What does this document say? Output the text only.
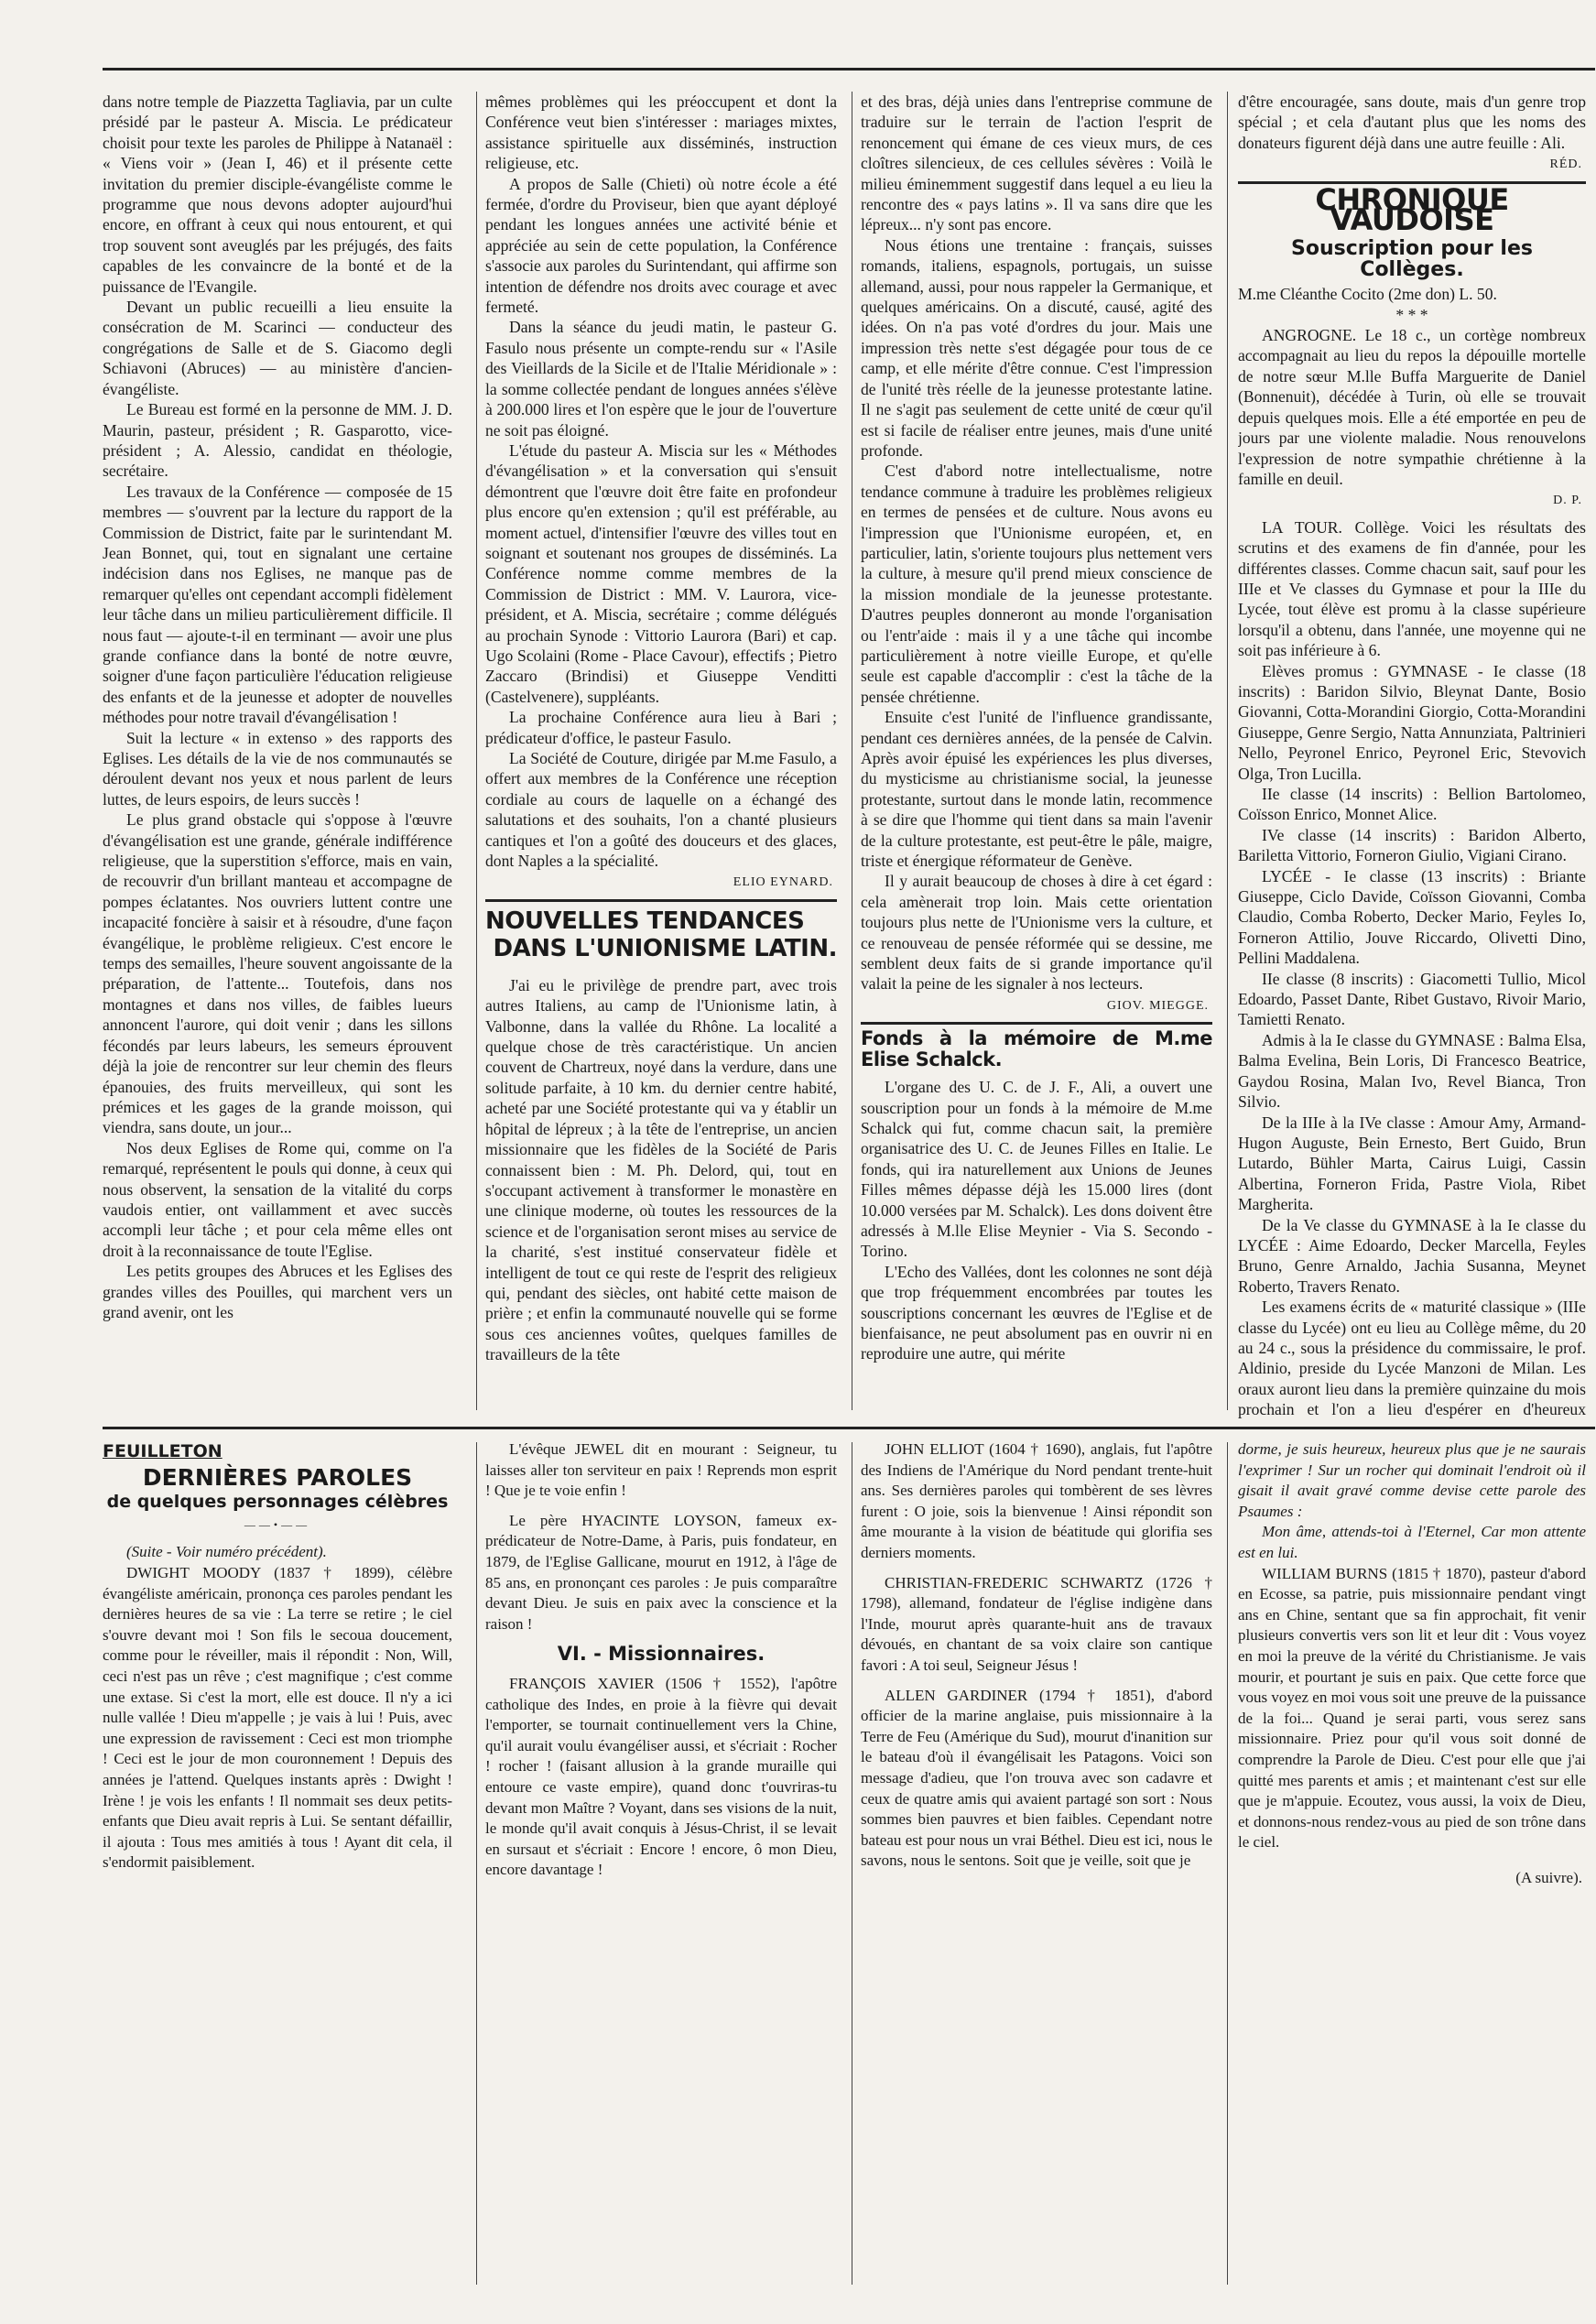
dans notre temple de Piazzetta Tagliavia, par un culte présidé par le pasteur A. Miscia. Le prédicateur choisit pour texte les paroles de Philippe à Natanaël : « Viens voir » (Jean I, 46) et il présente cette invitation du premier disciple-évangéliste comme le programme que nous devons adopter aujourd'hui encore, en offrant à ceux qui nous entourent, et qui trop souvent sont aveuglés par les préjugés, des faits capables de les convaincre de la bonté et de la puissance de l'Evangile.

Devant un public recueilli a lieu ensuite la consécration de M. Scarinci — conducteur des congrégations de Salle et de S. Giacomo degli Schiavoni (Abruces) — au ministère d'ancien-évangéliste.

Le Bureau est formé en la personne de MM. J. D. Maurin, pasteur, président ; R. Gasparotto, vice-président ; A. Alessio, candidat en théologie, secrétaire.

Les travaux de la Conférence — composée de 15 membres — s'ouvrent par la lecture du rapport de la Commission de District, faite par le surintendant M. Jean Bonnet, qui, tout en signalant une certaine indécision dans nos Eglises, ne manque pas de remarquer qu'elles ont cependant accompli fidèlement leur tâche dans un milieu particulièrement difficile. Il nous faut — ajoute-t-il en terminant — avoir une plus grande confiance dans la bonté de notre œuvre, soigner d'une façon particulière l'éducation religieuse des enfants et de la jeunesse et adopter de nouvelles méthodes pour notre travail d'évangélisation !

Suit la lecture « in extenso » des rapports des Eglises. Les détails de la vie de nos communautés se déroulent devant nos yeux et nous parlent de leurs luttes, de leurs espoirs, de leurs succès !

Le plus grand obstacle qui s'oppose à l'œuvre d'évangélisation est une grande, générale indifférence religieuse, que la superstition s'efforce, mais en vain, de recouvrir d'un brillant manteau et accompagne de pompes éclatantes. Nos ouvriers luttent contre une incapacité foncière à saisir et à résoudre, d'une façon évangélique, le problème religieux. C'est encore le temps des semailles, l'heure souvent angoissante de la préparation, de l'attente... Toutefois, dans nos montagnes et dans nos villes, de faibles lueurs annoncent l'aurore, qui doit venir ; dans les sillons fécondés par leurs labeurs, les semeurs éprouvent déjà la joie de rencontrer sur leur chemin des fleurs épanouies, des fruits merveilleux, qui sont les prémices et les gages de la grande moisson, qui viendra, sans doute, un jour...

Nos deux Eglises de Rome qui, comme on l'a remarqué, représentent le pouls qui donne, à ceux qui nous observent, la sensation de la vitalité du corps vaudois entier, ont vaillamment et avec succès accompli leur tâche ; et pour cela même elles ont droit à la reconnaissance de toute l'Eglise.

Les petits groupes des Abruces et les Eglises des grandes villes des Pouilles, qui marchent vers un grand avenir, ont les

mêmes problèmes qui les préoccupent et dont la Conférence veut bien s'intéresser : mariages mixtes, assistance spirituelle aux disséminés, instruction religieuse, etc.

A propos de Salle (Chieti) où notre école a été fermée, d'ordre du Proviseur, bien que ayant déployé pendant les longues années une activité bénie et appréciée au sein de cette population, la Conférence s'associe aux paroles du Surintendant, qui affirme son intention de défendre nos droits avec courage et avec fermeté.

Dans la séance du jeudi matin, le pasteur G. Fasulo nous présente un compte-rendu sur « l'Asile des Vieillards de la Sicile et de l'Italie Méridionale » : la somme collectée pendant de longues années s'élève à 200.000 lires et l'on espère que le jour de l'ouverture ne soit pas éloigné.

L'étude du pasteur A. Miscia sur les « Méthodes d'évangélisation » et la conversation qui s'ensuit démontrent que l'œuvre doit être faite en profondeur plus encore qu'en extension ; qu'il est préférable, au moment actuel, d'intensifier l'œuvre des villes tout en soignant et soutenant nos groupes de disséminés. La Conférence nomme comme membres de la Commission de District : MM. V. Laurora, vice-président, et A. Miscia, secrétaire ; comme délégués au prochain Synode : Vittorio Laurora (Bari) et cap. Ugo Scolaini (Rome - Place Cavour), effectifs ; Pietro Zaccaro (Brindisi) et Giuseppe Venditti (Castelvenere), suppléants.

La prochaine Conférence aura lieu à Bari ; prédicateur d'office, le pasteur Fasulo.

La Société de Couture, dirigée par M.me Fasulo, a offert aux membres de la Conférence une réception cordiale au cours de laquelle on a échangé des salutations et des souhaits, l'on a chanté plusieurs cantiques et l'on a goûté des douceurs et des glaces, dont Naples a la spécialité.

ELIO EYNARD.
NOUVELLES TENDANCES
DANS L'UNIONISME LATIN.

J'ai eu le privilège de prendre part, avec trois autres Italiens, au camp de l'Unionisme latin, à Valbonne, dans la vallée du Rhône. La localité a quelque chose de très caractéristique. Un ancien couvent de Chartreux, noyé dans la verdure, dans une solitude parfaite, à 10 km. du dernier centre habité, acheté par une Société protestante qui va y établir un hôpital de lépreux ; à la tête de l'entreprise, un ancien missionnaire que les fidèles de la Société de Paris connaissent bien : M. Ph. Delord, qui, tout en s'occupant activement à transformer le monastère en une clinique moderne, où toutes les ressources de la science et de l'organisation seront mises au service de la charité, s'est institué conservateur fidèle et intelligent de tout ce qui reste de l'esprit des religieux qui, pendant des siècles, ont habité cette maison de prière ; et enfin la communauté nouvelle qui se forme sous ces anciennes voûtes, quelques familles de travailleurs de la tête

et des bras, déjà unies dans l'entreprise commune de traduire sur le terrain de l'action l'esprit de renoncement qui émane de ces vieux murs, de ces cloîtres silencieux, de ces cellules sévères : Voilà le milieu éminemment suggestif dans lequel a eu lieu la rencontre des « pays latins ». Il va sans dire que les lépreux... n'y sont pas encore.

Nous étions une trentaine : français, suisses romands, italiens, espagnols, portugais, un suisse allemand, aussi, pour nous rappeler la Germanique, et quelques américains. On a discuté, causé, agité des idées. On n'a pas voté d'ordres du jour. Mais une impression très nette s'est dégagée pour tous de ce camp, et elle mérite d'être connue. C'est l'impression de l'unité très réelle de la jeunesse protestante latine. Il ne s'agit pas seulement de cette unité de cœur qu'il est si facile de réaliser entre jeunes, mais d'une unité profonde.

C'est d'abord notre intellectualisme, notre tendance commune à traduire les problèmes religieux en termes de pensées et de culture. Nous avons eu l'impression que l'Unionisme européen, et, en particulier, latin, s'oriente toujours plus nettement vers la culture, à mesure qu'il prend mieux conscience de la mission mondiale de la jeunesse protestante. D'autres peuples donneront au monde l'organisation ou l'entr'aide : mais il y a une tâche qui incombe particulièrement à notre vieille Europe, et qu'elle seule est capable d'accomplir : c'est la tâche de la pensée chrétienne.

Ensuite c'est l'unité de l'influence grandissante, pendant ces dernières années, de la pensée de Calvin. Après avoir épuisé les expériences les plus diverses, du mysticisme au christianisme social, la jeunesse protestante, surtout dans le monde latin, recommence à se dire que l'homme qui tient dans sa main l'avenir de la culture protestante, est peut-être le pâle, maigre, triste et énergique réformateur de Genève.

Il y aurait beaucoup de choses à dire à cet égard : cela amènerait trop loin. Mais cette orientation toujours plus nette de l'Unionisme vers la culture, et ce renouveau de pensée réformée qui se dessine, me semblent deux faits de si grande importance qu'il valait la peine de les signaler à nos lecteurs.

GIOV. MIEGGE.
Fonds à la mémoire de M.me Elise Schalck.

L'organe des U. C. de J. F., Ali, a ouvert une souscription pour un fonds à la mémoire de M.me Schalck qui fut, comme chacun sait, la première organisatrice des U. C. de Jeunes Filles en Italie. Le fonds, qui ira naturellement aux Unions de Jeunes Filles mêmes dépasse déjà les 15.000 lires (dont 10.000 versées par M. Schalck). Les dons doivent être adressés à M.lle Elise Meynier - Via S. Secondo - Torino.

L'Echo des Vallées, dont les colonnes ne sont déjà que trop fréquemment encombrées par toutes les souscriptions concernant les œuvres de l'Eglise et de bienfaisance, ne peut absolument pas en ouvrir ni en reproduire une autre, qui mérite

d'être encouragée, sans doute, mais d'un genre trop spécial ; et cela d'autant plus que les noms des donateurs figurent déjà dans une autre feuille : Ali.

RÉD.
CHRONIQUE VAUDOISE
Souscription pour les Collèges.

M.me Cléanthe Cocito (2me don) L. 50.

* * *

ANGROGNE. Le 18 c., un cortège nombreux accompagnait au lieu du repos la dépouille mortelle de notre sœur M.lle Buffa Marguerite de Daniel (Bonnenuit), décédée à Turin, où elle se trouvait depuis quelques mois. Elle a été emportée en peu de jours par une violente maladie. Nous renouvelons l'expression de notre sympathie chrétienne à la famille en deuil.

D. P.

LA TOUR. Collège. Voici les résultats des scrutins et des examens de fin d'année, pour les différentes classes. Comme chacun sait, sauf pour les IIIe et Ve classes du Gymnase et pour la IIIe du Lycée, tout élève est promu à la classe supérieure lorsqu'il a obtenu, dans l'année, une moyenne qui ne soit pas inférieure à 6.

Elèves promus : GYMNASE - Ie classe (18 inscrits) : Baridon Silvio, Bleynat Dante, Bosio Giovanni, Cotta-Morandini Giorgio, Cotta-Morandini Giuseppe, Genre Sergio, Natta Annunziata, Paltrinieri Nello, Peyronel Enrico, Peyronel Eric, Stevovich Olga, Tron Lucilla.

IIe classe (14 inscrits) : Bellion Bartolomeo, Coïsson Enrico, Monnet Alice.

IVe classe (14 inscrits) : Baridon Alberto, Bariletta Vittorio, Forneron Giulio, Vigiani Cirano.

LYCÉE - Ie classe (13 inscrits) : Briante Giuseppe, Ciclo Davide, Coïsson Giovanni, Comba Claudio, Comba Roberto, Decker Mario, Feyles Io, Forneron Attilio, Jouve Riccardo, Olivetti Dino, Pellini Maddalena.

IIe classe (8 inscrits) : Giacometti Tullio, Micol Edoardo, Passet Dante, Ribet Gustavo, Rivoir Mario, Tamietti Renato.

Admis à la Ie classe du GYMNASE : Balma Elsa, Balma Evelina, Bein Loris, Di Francesco Beatrice, Gaydou Rosina, Malan Ivo, Revel Bianca, Tron Silvio.

De la IIIe à la IVe classe : Amour Amy, Armand-Hugon Auguste, Bein Ernesto, Bert Guido, Brun Lutardo, Bühler Marta, Cairus Luigi, Cassin Albertina, Forneron Frida, Pastre Viola, Ribet Margherita.

De la Ve classe du GYMNASE à la Ie classe du LYCÉE : Aime Edoardo, Decker Marcella, Feyles Bruno, Genre Arnaldo, Jachia Susanna, Meynet Roberto, Travers Renato.

Les examens écrits de « maturité classique » (IIIe classe du Lycée) ont eu lieu au Collège même, du 20 au 24 c., sous la présidence du commissaire, le prof. Aldinio, preside du Lycée Manzoni de Milan. Les oraux auront lieu dans la première quinzaine du mois prochain et l'on a lieu d'espérer en d'heureux

FEUILLETON
DERNIÈRES PAROLES
de quelques personnages célèbres
——•——

(Suite - Voir numéro précédent).

DWIGHT MOODY (1837 † 1899), célèbre évangéliste américain, prononça ces paroles pendant les dernières heures de sa vie : La terre se retire ; le ciel s'ouvre devant moi ! Son fils le secoua doucement, comme pour le réveiller, mais il répondit : Non, Will, ceci n'est pas un rêve ; c'est magnifique ; c'est comme une extase. Si c'est la mort, elle est douce. Il n'y a ici nulle vallée ! Dieu m'appelle ; je vais à lui ! Puis, avec une expression de ravissement : Ceci est mon triomphe ! Ceci est le jour de mon couronnement ! Depuis des années je l'attend. Quelques instants après : Dwight ! Irène ! je vois les enfants ! Il nommait ses deux petits-enfants que Dieu avait repris à Lui. Se sentant défaillir, il ajouta : Tous mes amitiés à tous ! Ayant dit cela, il s'endormit paisiblement.

L'évêque JEWEL dit en mourant : Seigneur, tu laisses aller ton serviteur en paix ! Reprends mon esprit ! Que je te voie enfin !

Le père HYACINTE LOYSON, fameux ex-prédicateur de Notre-Dame, à Paris, puis fondateur, en 1879, de l'Eglise Gallicane, mourut en 1912, à l'âge de 85 ans, en prononçant ces paroles : Je puis comparaître devant Dieu. Je suis en paix avec la conscience et la raison !

VI. - Missionnaires.

FRANÇOIS XAVIER (1506 † 1552), l'apôtre catholique des Indes, en proie à la fièvre qui devait l'emporter, se tournait continuellement vers la Chine, qu'il aurait voulu évangéliser aussi, et s'écriait : Rocher ! rocher ! (faisant allusion à la grande muraille qui entoure ce vaste empire), quand donc t'ouvriras-tu devant mon Maître ? Voyant, dans ses visions de la nuit, le monde qu'il avait conquis à Jésus-Christ, il se levait en sursaut et s'écriait : Encore ! encore, ô mon Dieu, encore davantage !

JOHN ELLIOT (1604 † 1690), anglais, fut l'apôtre des Indiens de l'Amérique du Nord pendant trente-huit ans. Ses dernières paroles qui tombèrent de ses lèvres furent : O joie, sois la bienvenue ! Ainsi répondit son âme mourante à la vision de béatitude qui glorifia ses derniers moments.

CHRISTIAN-FREDERIC SCHWARTZ (1726 † 1798), allemand, fondateur de l'église indigène dans l'Inde, mourut après quarante-huit ans de travaux dévoués, en chantant de sa voix claire son cantique favori : A toi seul, Seigneur Jésus !

ALLEN GARDINER (1794 † 1851), d'abord officier de la marine anglaise, puis missionnaire à la Terre de Feu (Amérique du Sud), mourut d'inanition sur le bateau d'où il évangélisait les Patagons. Voici son message d'adieu, que l'on trouva avec son cadavre et ceux de quatre amis qui avaient partagé son sort : Nous sommes bien pauvres et bien faibles. Cependant notre bateau est pour nous un vrai Béthel. Dieu est ici, nous le savons, nous le sentons. Soit que je veille, soit que je

dorme, je suis heureux, heureux plus que je ne saurais l'exprimer ! Sur un rocher qui dominait l'endroit où il gisait il avait gravé comme devise cette parole des Psaumes :

Mon âme, attends-toi à l'Eternel, Car mon attente est en lui.

WILLIAM BURNS (1815 † 1870), pasteur d'abord en Ecosse, sa patrie, puis missionnaire pendant vingt ans en Chine, sentant que sa fin approchait, fit venir plusieurs convertis vers son lit et leur dit : Vous voyez en moi la preuve de la vérité du Christianisme. Je vais mourir, et pourtant je suis en paix. Que cette force que vous voyez en moi vous soit une preuve de la puissance de la foi... Quand je serai parti, vous serez sans missionnaire. Priez pour qu'il vous soit donné de comprendre la Parole de Dieu. C'est pour elle que j'ai quitté mes parents et amis ; et maintenant c'est sur elle que je m'appuie. Ecoutez, vous aussi, la voix de Dieu, et donnons-nous rendez-vous au pied de son trône dans le ciel.

(A suivre).
